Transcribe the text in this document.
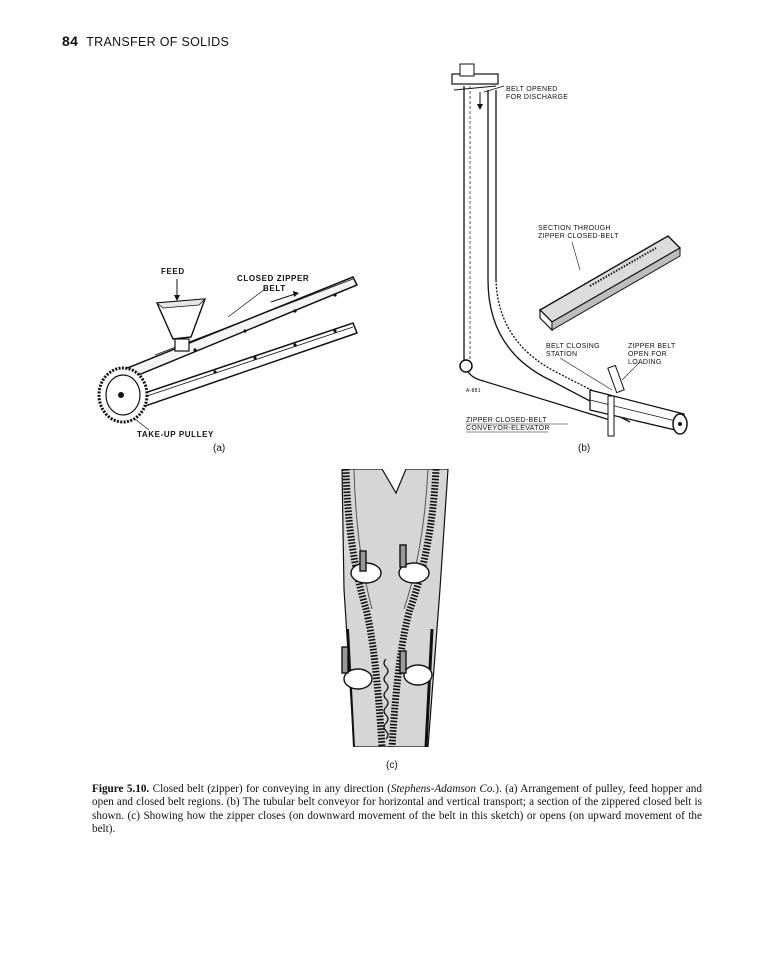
84 TRANSFER OF SOLIDS
FEED
CLOSED ZIPPER
BELT
TAKE-UP PULLEY
(a)
BELT OPENED
FOR DISCHARGE
SECTION THROUGH
ZIPPER CLOSED-BELT
BELT CLOSING
STATION
ZIPPER BELT
OPEN FOR
LOADING
A-881
ZIPPER CLOSED-BELT
CONVEYOR-ELEVATOR
(b)
(c)
Figure 5.10. Closed belt (zipper) for conveying in any direction (Stephens-Adamson Co.). (a) Arrangement of pulley, feed hopper and open and closed belt regions. (b) The tubular belt conveyor for horizontal and vertical transport; a section of the zippered closed belt is shown. (c) Showing how the zipper closes (on downward movement of the belt in this sketch) or opens (on upward movement of the belt).
